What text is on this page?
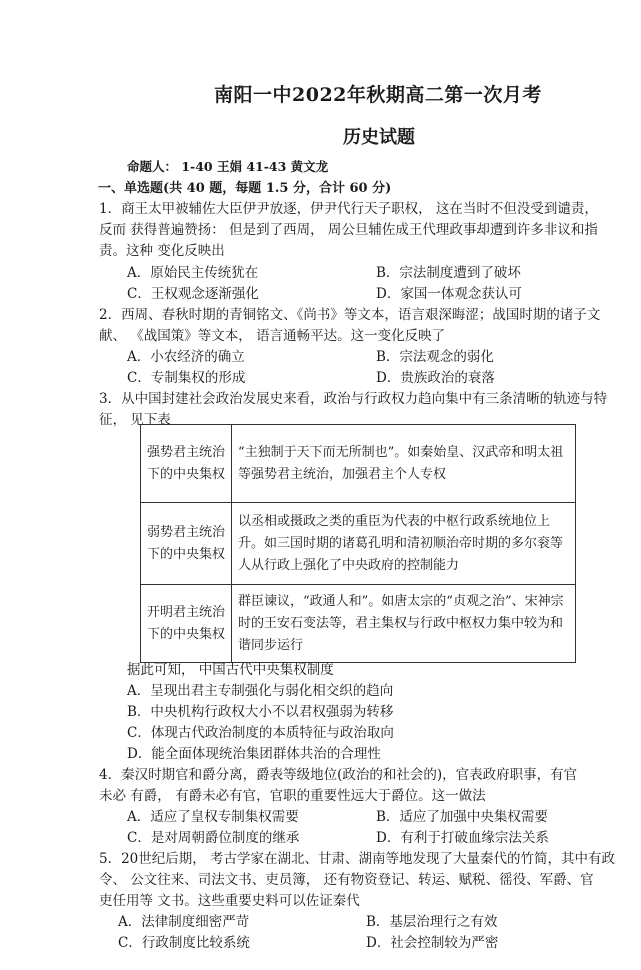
南阳一中2022年秋期高二第一次月考
历史试题
命题人： 1-40 王娟 41-43 黄文龙
一、单选题(共 40 题，每题 1.5 分，合计 60 分)
1．商王太甲被辅佐大臣伊尹放逐，伊尹代行天子职权， 这在当时不但没受到谴责，
反而 获得普遍赞扬： 但是到了西周， 周公旦辅佐成王代理政事却遭到许多非议和指
责。这种 变化反映出
A．原始民主传统犹在	B．宗法制度遭到了破坏
C．王权观念逐渐强化	D．家国一体观念获认可
2．西周、春秋时期的青铜铭文、《尚书》等文本，语言艰深晦涩；战国时期的诸子文
献、 《战国策》等文本， 语言通畅平达。这一变化反映了
A．小农经济的确立	B．宗法观念的弱化
C．专制集权的形成	D．贵族政治的衰落
3．从中国封建社会政治发展史来看，政治与行政权力趋向集中有三条清晰的轨迹与特
征， 见下表
强势君主统治下的中央集权	“主独制于天下而无所制也”。如秦始皇、汉武帝和明太祖等强势君主统治，加强君主个人专权
弱势君主统治下的中央集权	以丞相或摄政之类的重臣为代表的中枢行政系统地位上升。如三国时期的诸葛孔明和清初顺治帝时期的多尔衮等人从行政上强化了中央政府的控制能力
开明君主统治下的中央集权	群臣谏议，“政通人和”。如唐太宗的“贞观之治”、宋神宗时的王安石变法等，君主集权与行政中枢权力集中较为和谐同步运行
据此可知， 中国古代中央集权制度
A．呈现出君主专制强化与弱化相交织的趋向
B．中央机构行政权大小不以君权强弱为转移
C．体现古代政治制度的本质特征与政治取向
D．能全面体现统治集团群体共治的合理性
4．秦汉时期官和爵分离，爵表等级地位(政治的和社会的)，官表政府职事，有官
未必 有爵， 有爵未必有官，官职的重要性远大于爵位。这一做法
A．适应了皇权专制集权需要	B．适应了加强中央集权需要
C．是对周朝爵位制度的继承	D．有利于打破血缘宗法关系
5．20世纪后期， 考古学家在湖北、甘肃、湖南等地发现了大量秦代的竹简，其中有政
令、 公文往来、司法文书、吏员簿， 还有物资登记、转运、赋税、徭役、军爵、官
吏任用等 文书。这些重要史料可以佐证秦代
A．法律制度细密严苛	B．基层治理行之有效
C．行政制度比较系统	D．社会控制较为严密
